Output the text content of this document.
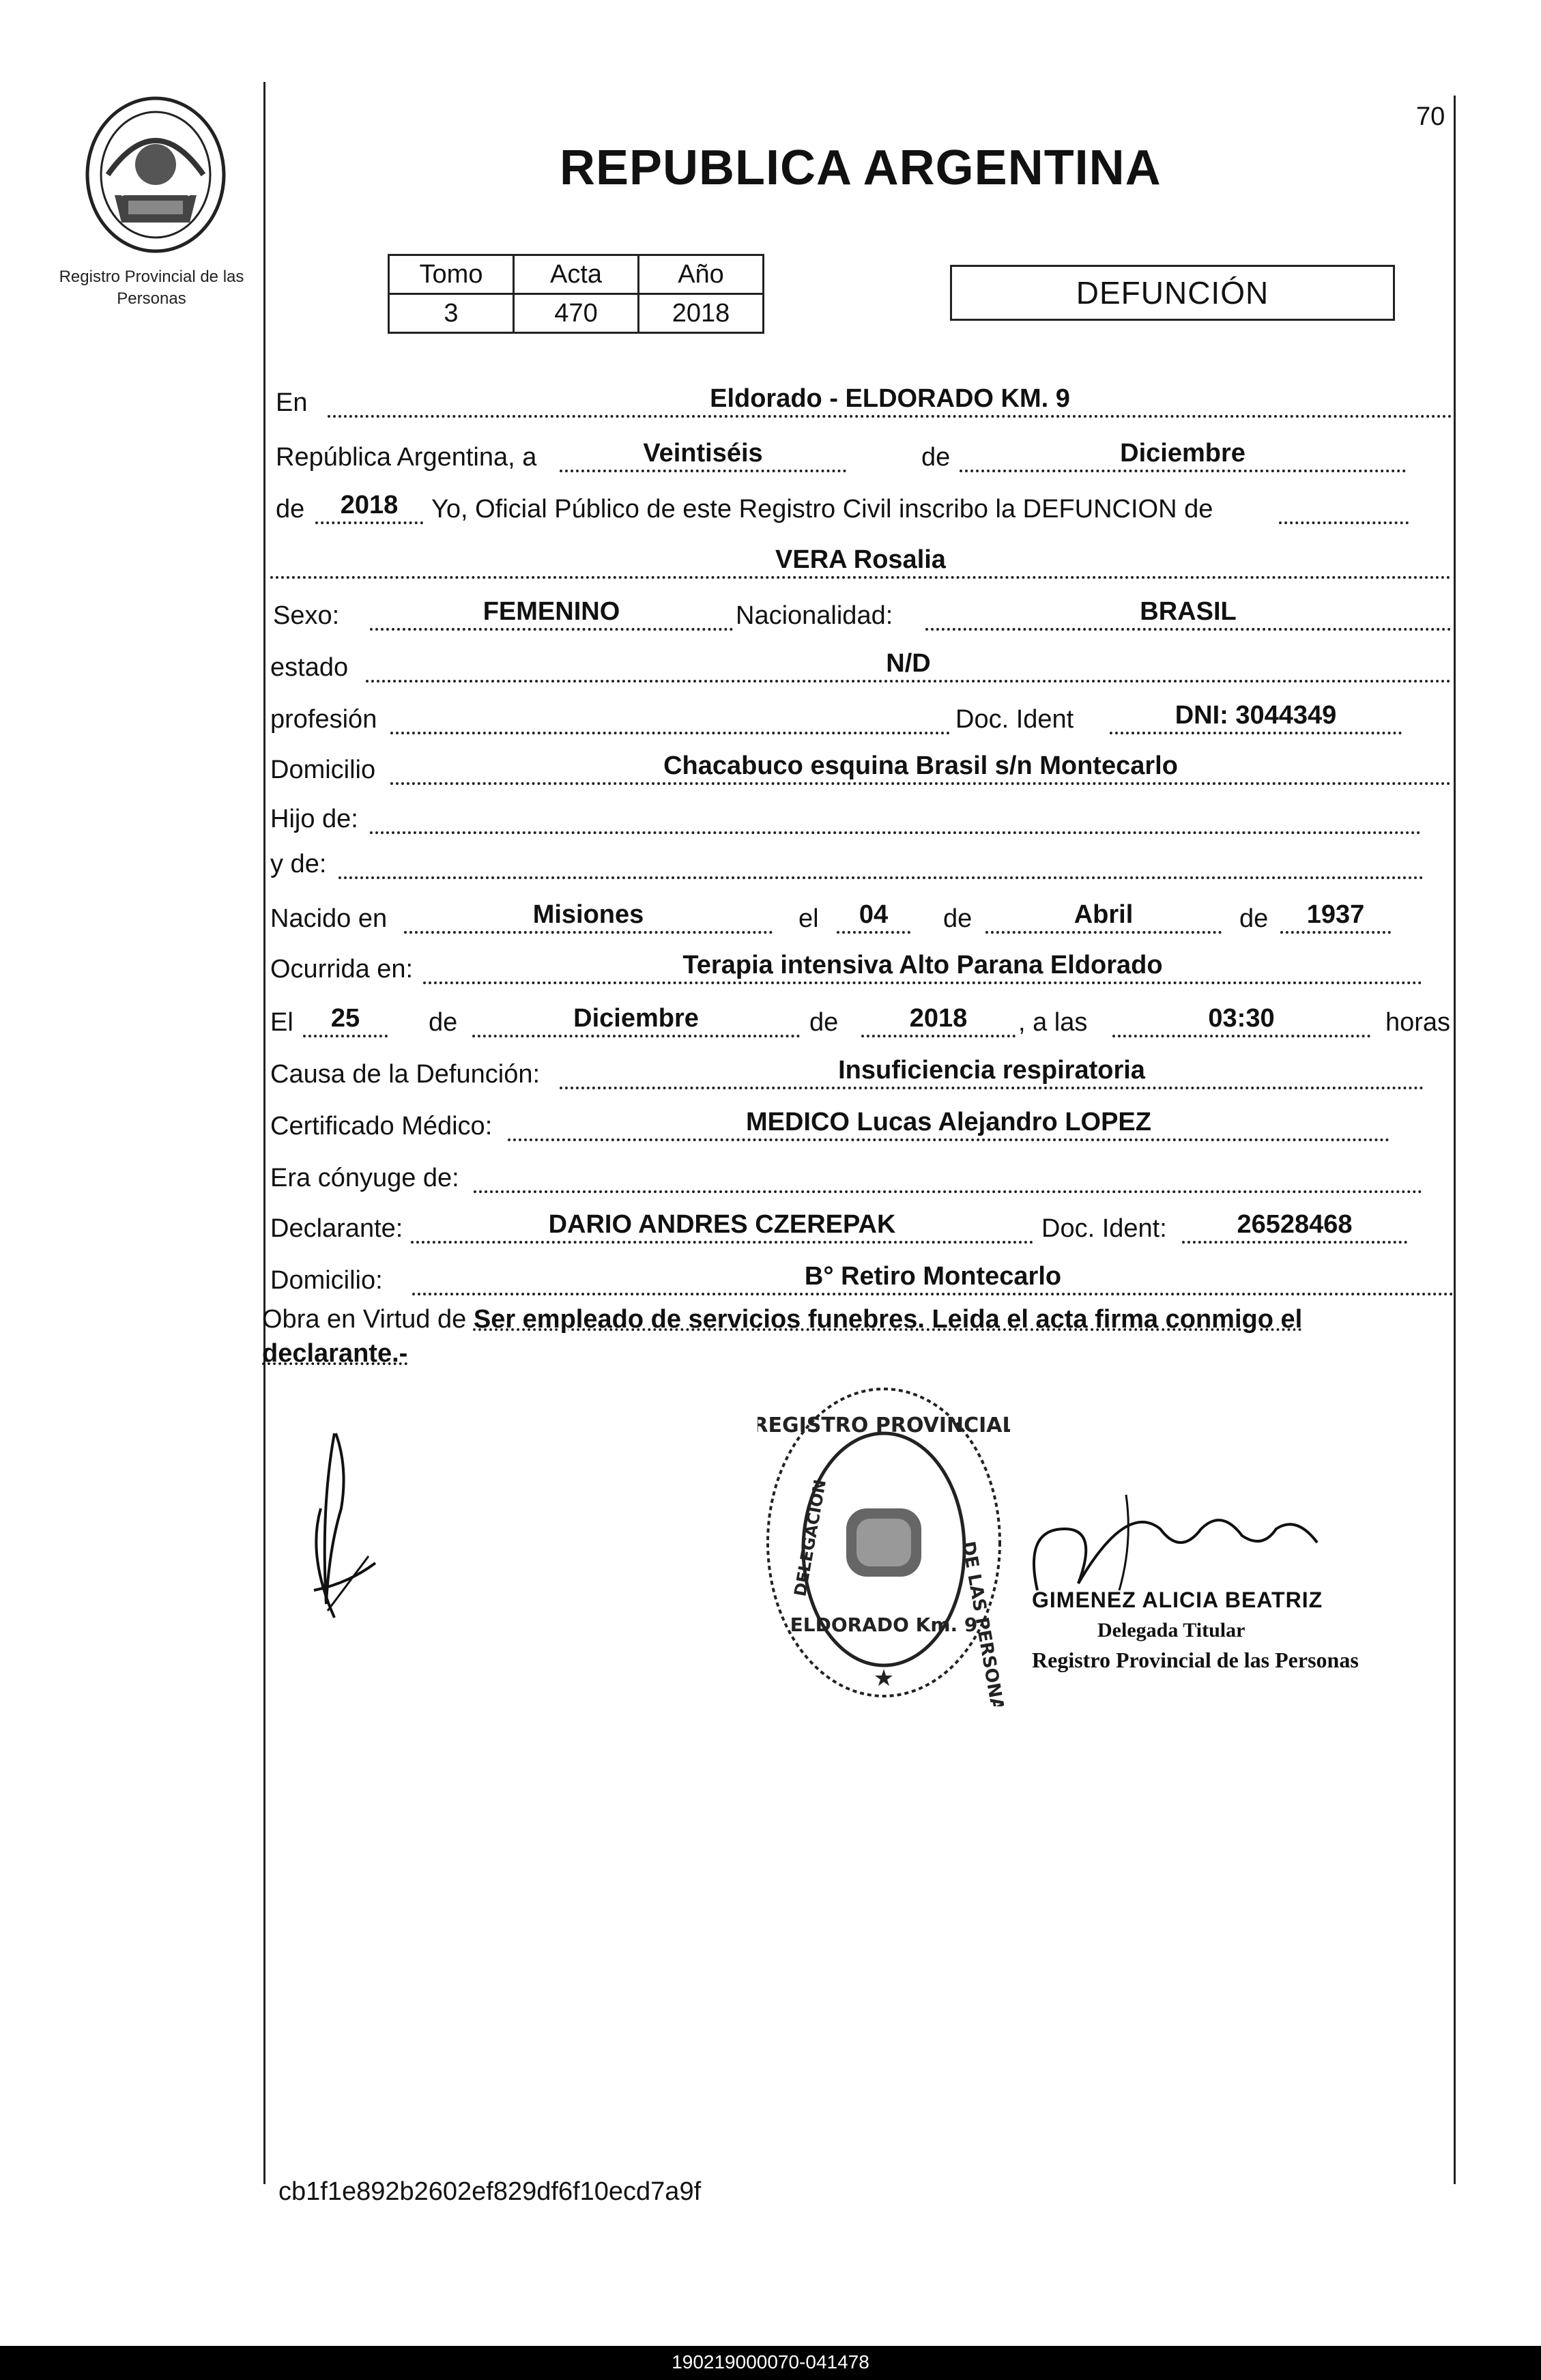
Registro Provincial de las Personas
REPUBLICA ARGENTINA
70
Tomo	Acta	Año
3	470	2018
DEFUNCIÓN
En	Eldorado - ELDORADO KM. 9
República Argentina, a	Veintiséis	de	Diciembre
de	2018	Yo, Oficial Público de este Registro Civil inscribo la DEFUNCION de
VERA Rosalia
Sexo:	FEMENINO	Nacionalidad:	BRASIL
estado	N/D
profesión	Doc. Ident	DNI: 3044349
Domicilio	Chacabuco esquina Brasil s/n Montecarlo
Hijo de:
y de:
Nacido en	Misiones	el	04	de	Abril	de	1937
Ocurrida en:	Terapia intensiva Alto Parana Eldorado
El	25	de	Diciembre	de	2018	, a las	03:30	horas
Causa de la Defunción:	Insuficiencia respiratoria
Certificado Médico:	MEDICO Lucas Alejandro LOPEZ
Era cónyuge de:
Declarante:	DARIO ANDRES CZEREPAK	Doc. Ident:	26528468
Domicilio:	B° Retiro Montecarlo
Obra en Virtud de Ser empleado de servicios funebres. Leida el acta firma conmigo el declarante.-
REGISTRO PROVINCIAL
DE LAS PERSONAS
DELEGACION
ELDORADO Km. 9
★
GIMENEZ ALICIA BEATRIZ
Delegada Titular
Registro Provincial de las Personas
cb1f1e892b2602ef829df6f10ecd7a9f
190219000070-041478
